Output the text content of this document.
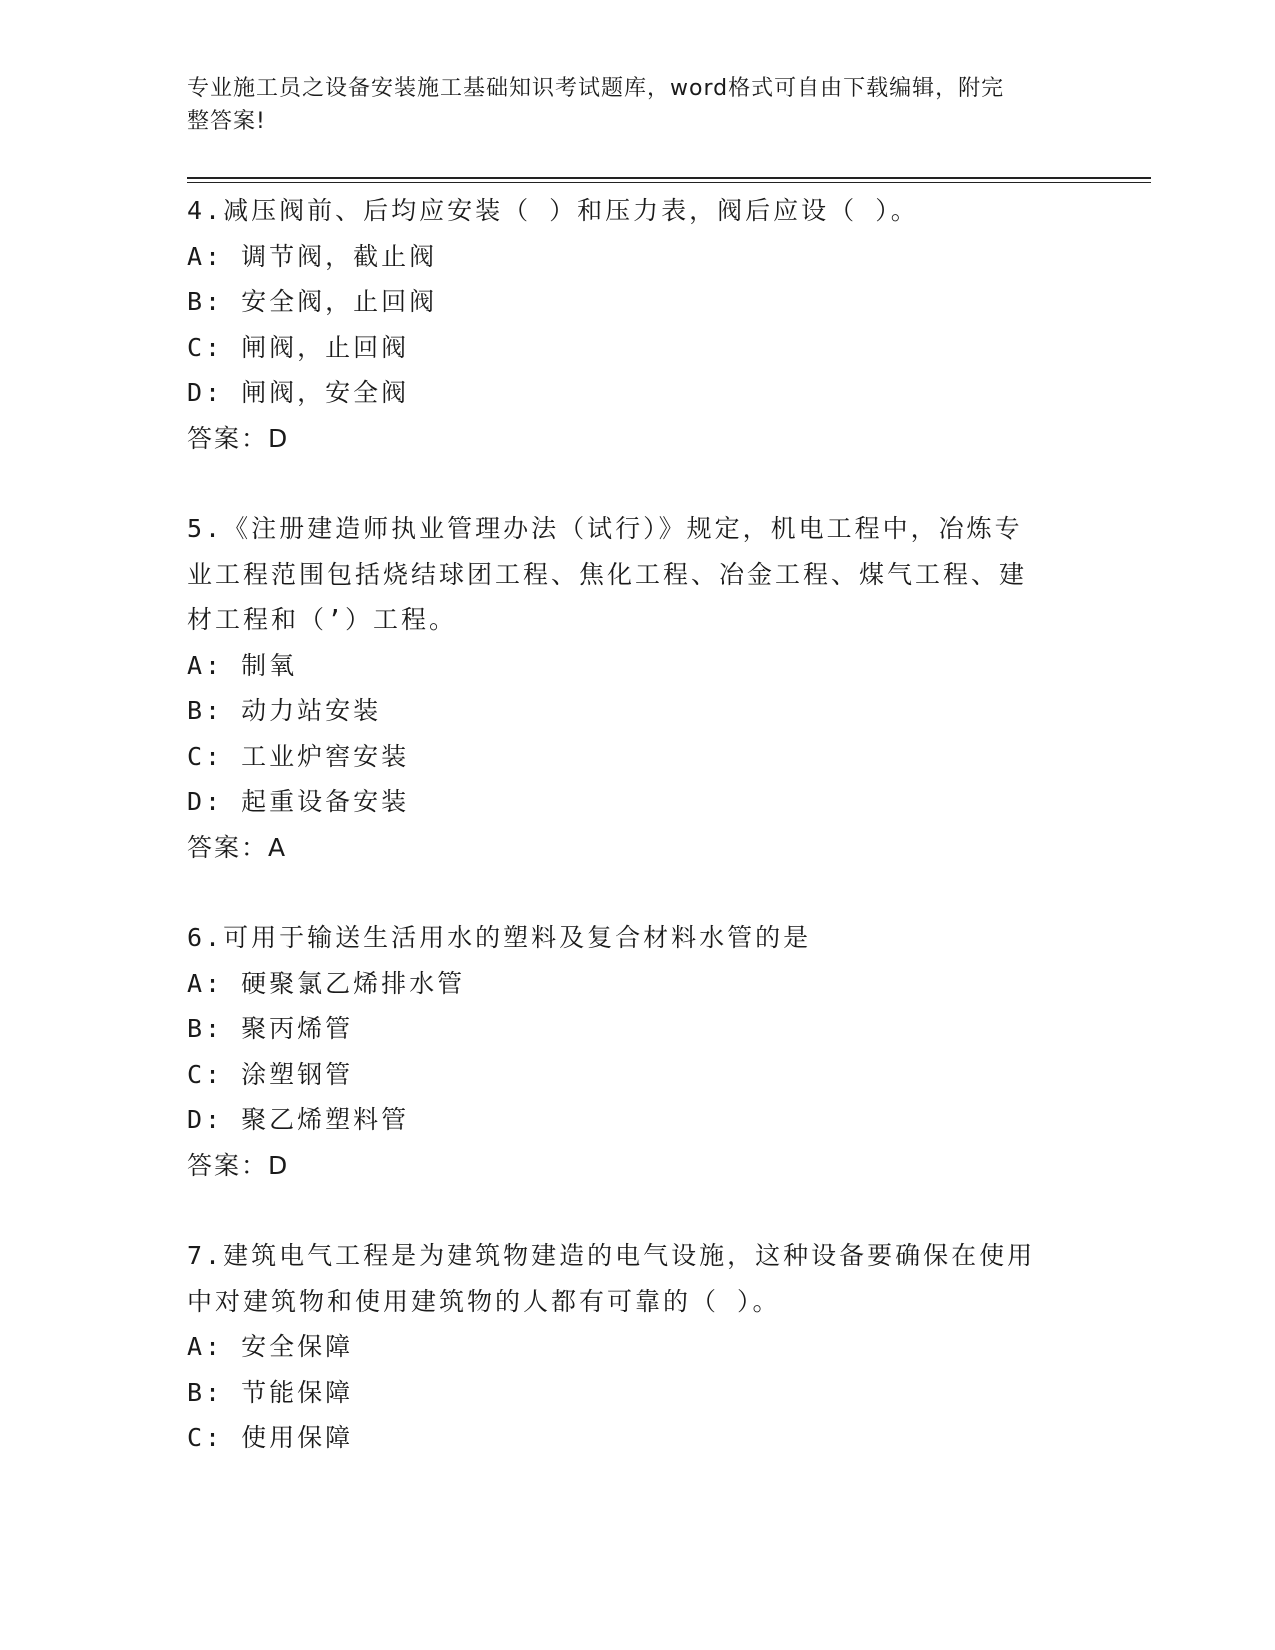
专业施工员之设备安装施工基础知识考试题库，word格式可自由下载编辑，附完
整答案!
4.减压阀前、后均应安装（ ）和压力表，阀后应设（ ）。
A: 调节阀，截止阀
B: 安全阀，止回阀
C: 闸阀，止回阀
D: 闸阀，安全阀
答案：D
5.《注册建造师执业管理办法（试行）》规定，机电工程中，冶炼专
业工程范围包括烧结球团工程、焦化工程、冶金工程、煤气工程、建
材工程和（’）工程。
A: 制氧
B: 动力站安装
C: 工业炉窖安装
D: 起重设备安装
答案：A
6.可用于输送生活用水的塑料及复合材料水管的是
A: 硬聚氯乙烯排水管
B: 聚丙烯管
C: 涂塑钢管
D: 聚乙烯塑料管
答案：D
7.建筑电气工程是为建筑物建造的电气设施，这种设备要确保在使用
中对建筑物和使用建筑物的人都有可靠的（ ）。
A: 安全保障
B: 节能保障
C: 使用保障
